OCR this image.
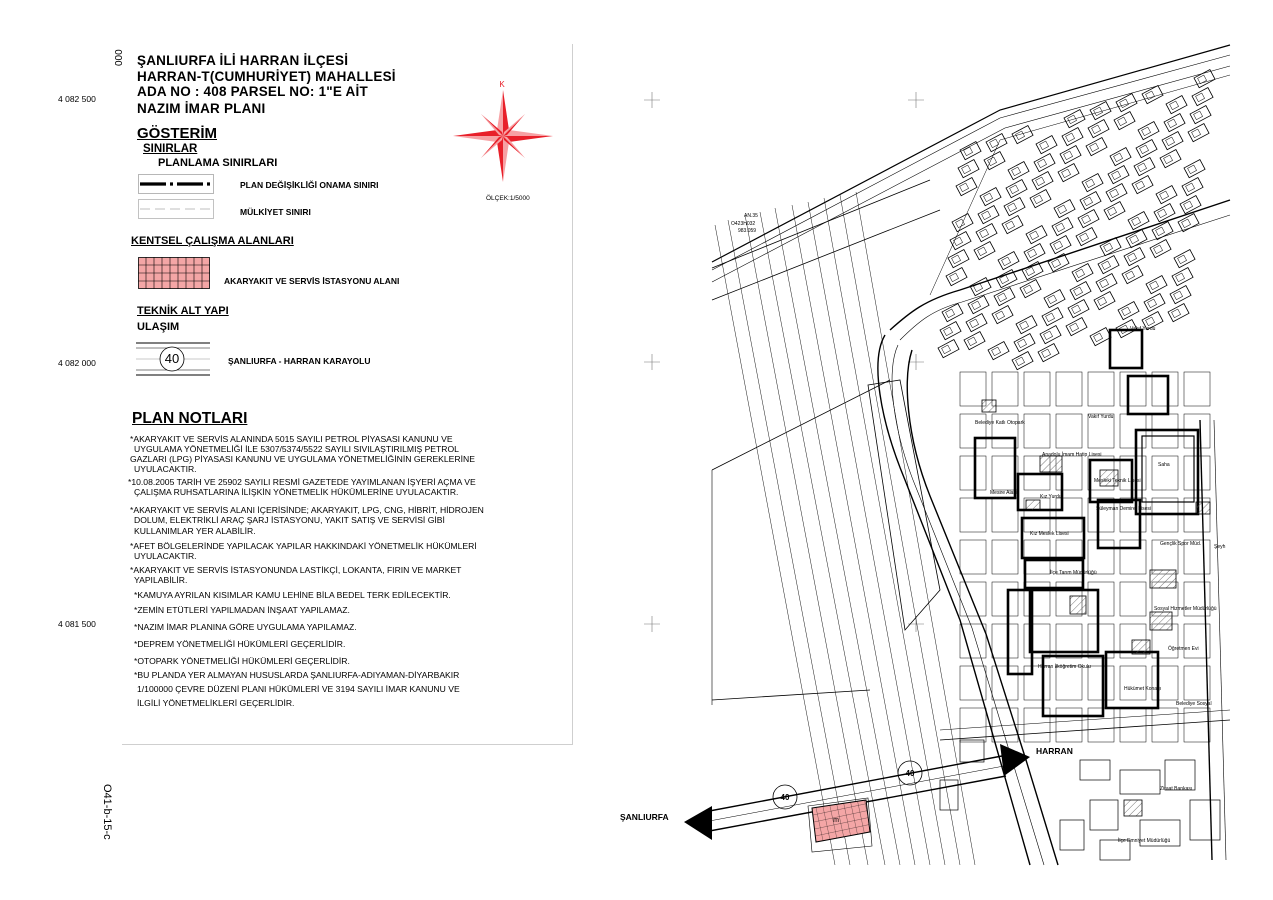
000
4 082 500
4 082 000
4 081 500
O41-b-15-c
ŞANLIURFA İLİ HARRAN İLÇESİ
HARRAN-T(CUMHURİYET) MAHALLESİ
ADA NO : 408 PARSEL NO: 1"E AİT
NAZIM İMAR PLANI
K
ÖLÇEK:1/5000
GÖSTERİM
SINIRLAR
PLANLAMA SINIRLARI
PLAN DEĞİŞİKLİĞİ ONAMA SINIRI
MÜLKİYET SINIRI
KENTSEL ÇALIŞMA ALANLARI
AKARYAKIT VE SERVİS İSTASYONU ALANI
TEKNİK ALT YAPI
ULAŞIM
40	ŞANLIURFA - HARRAN KARAYOLU
PLAN NOTLARI
*AKARYAKIT VE SERVİS ALANINDA 5015 SAYILI PETROL PİYASASI KANUNU VE
UYGULAMA YÖNETMELİĞİ İLE 5307/5374/5522 SAYILI SIVILAŞTIRILMIŞ PETROL
GAZLARI (LPG) PİYASASI KANUNU VE UYGULAMA YÖNETMELİĞİNİN GEREKLERİNE
UYULACAKTIR.
*10.08.2005 TARİH VE 25902 SAYILI RESMİ GAZETEDE YAYIMLANAN İŞYERİ AÇMA VE
ÇALIŞMA RUHSATLARINA İLİŞKİN YÖNETMELİK HÜKÜMLERİNE UYULACAKTIR.
*AKARYAKIT VE SERVİS ALANI İÇERİSİNDE; AKARYAKIT, LPG, CNG, HİBRİT, HİDROJEN
DOLUM, ELEKTRİKLİ ARAÇ ŞARJ İSTASYONU, YAKIT SATIŞ VE SERVİSİ GİBİ
KULLANIMLAR YER ALABİLİR.
*AFET BÖLGELERİNDE YAPILACAK YAPILAR HAKKINDAKİ YÖNETMELİK HÜKÜMLERİ
UYULACAKTIR.
*AKARYAKIT VE SERVİS İSTASYONUNDA LASTİKÇİ, LOKANTA, FIRIN VE MARKET
YAPILABİLİR.
*KAMUYA AYRILAN KISIMLAR KAMU LEHİNE BİLA BEDEL TERK EDİLECEKTİR.
*ZEMİN ETÜTLERİ YAPILMADAN İNŞAAT YAPILAMAZ.
*NAZIM İMAR PLANINA GÖRE UYGULAMA YAPILAMAZ.
*DEPREM YÖNETMELİĞİ HÜKÜMLERİ GEÇERLİDİR.
*OTOPARK YÖNETMELİĞİ HÜKÜMLERİ GEÇERLİDİR.
*BU PLANDA YER ALMAYAN HUSUSLARDA ŞANLIURFA-ADIYAMAN-DİYARBAKIR
1/100000 ÇEVRE DÜZENİ PLANI HÜKÜMLERİ VE 3194 SAYILI İMAR KANUNU VE
İLGİLİ YÖNETMELİKLERİ GEÇERLİDİR.
40
40
m
AN.35
O423H032
983.059
Vakıf Yurdu
Vakıf Yurdu
Belediye Katlı Otopark
Anadolu İmam Hatip Lisesi
Kız Yurdu
Mesleki Teknik Lisesi
Saha
Süleyman Demirel Lisesi
Gençlik Spor Müd.
Kız Meslek Lisesi
İlçe Tarım Müdürlüğü
Sosyal Hizmetler Müdürlüğü
Öğretmen Evi
Harran İlköğretim Okulu
Hükümet Konağı
Belediye Sosyal
Ziraat Bankası
İlçe Emniyet Müdürlüğü
Mesire Alanı
Şeyh
HARRAN
ŞANLIURFA
